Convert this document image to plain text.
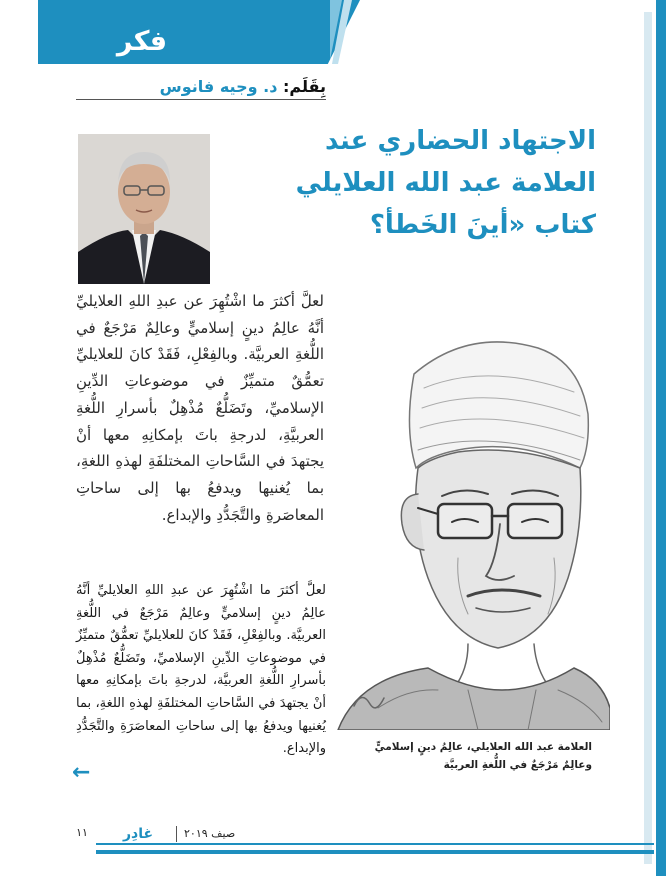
فكر سياسي	بِقَلَم: د. وجيه فانوس
الاجتهاد الحضاري عند
العلامة عبد الله العلايلي
كتاب «أينَ الخَطأ؟
لعلَّ أكثرَ ما اشْتُهِرَ عن عبدِ اللهِ العلايليِّ أنَّهُ عالِمُ دينٍ إسلاميٍّ وعالِمٌ مَرْجَعٌ في اللُّغةِ العربيَّة. وبالفِعْلِ، فَقَدْ كانَ للعلايليِّ تعمُّقٌ متميِّزٌ في موضوعاتِ الدِّينِ الإسلاميِّ، وتَضَلُّعٌ مُذْهِلٌ بأسرارِ اللُّغةِ العربيَّةِ، لدرجةِ باتَ بإمكانِهِ معها أنْ يجتهدَ في السَّاحاتِ المختلفَةِ لهذهِ اللغةِ، بما يُغنيها ويدفعُ بها إلى ساحاتِ المعاصَرةِ والتَّجَدُّدِ والإبداع.
لعلَّ أكثرَ ما اشْتُهِرَ عن عبدِ اللهِ العلايليِّ أنَّهُ عالِمُ دينٍ إسلاميٍّ وعالِمٌ مَرْجَعٌ في اللُّغةِ العربيَّة. وبالفِعْلِ، فَقَدْ كانَ للعلايليِّ تعمُّقٌ متميِّزٌ في موضوعاتِ الدِّينِ الإسلاميِّ، وتَضَلُّعٌ مُذْهِلٌ بأسرارِ اللُّغةِ العربيَّة، لدرجةِ باتَ بإمكانِهِ معها أنْ يجتهدَ في السَّاحاتِ المختلفَةِ لهذهِ اللغةِ، بما يُغنيها ويدفعُ بها إلى ساحاتِ المعاصَرَةِ والتَّجَدُّدِ والإبداع.
←
العلامة عبد الله العلايلي، عالِمُ دينٍ إسلاميٍّ وعالِمٌ مَرْجَعٌ في اللُّغةِ العربيَّة
١١	غادِر	صيف ٢٠١٩
